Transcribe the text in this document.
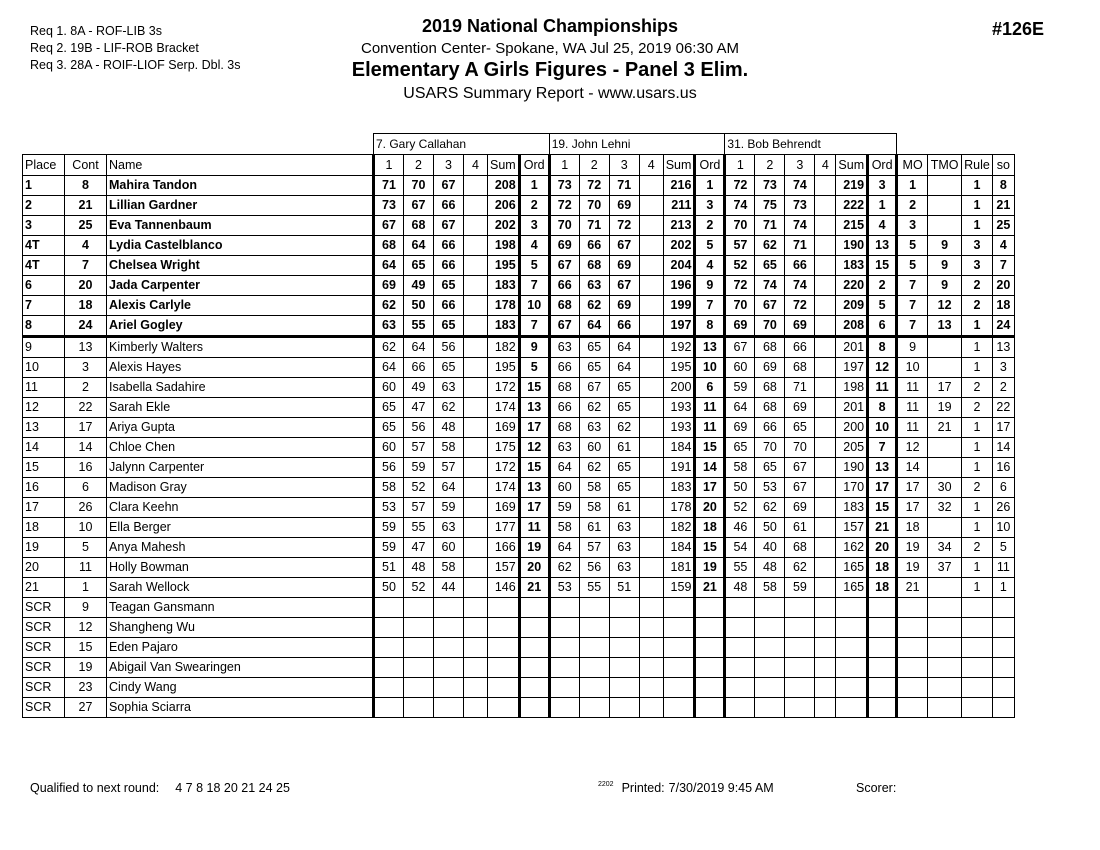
Req 1. 8A - ROF-LIB 3s
Req 2. 19B - LIF-ROB Bracket
Req 3. 28A - ROIF-LIOF Serp. Dbl. 3s
2019 National Championships
Convention Center- Spokane, WA Jul 25, 2019 06:30 AM
Elementary A Girls Figures - Panel 3 Elim.
USARS Summary Report - www.usars.us
#126E
			7. Gary Callahan						19. John Lehni						31. Bob Behrendt									
Place	Cont	Name	1	2	3	4	Sum	Ord	1	2	3	4	Sum	Ord	1	2	3	4	Sum	Ord	MO	TMO	Rule	so
1	8	Mahira Tandon	71	70	67		208	1	73	72	71		216	1	72	73	74		219	3	1		1	8
2	21	Lillian Gardner	73	67	66		206	2	72	70	69		211	3	74	75	73		222	1	2		1	21
3	25	Eva Tannenbaum	67	68	67		202	3	70	71	72		213	2	70	71	74		215	4	3		1	25
4T	4	Lydia Castelblanco	68	64	66		198	4	69	66	67		202	5	57	62	71		190	13	5	9	3	4
4T	7	Chelsea Wright	64	65	66		195	5	67	68	69		204	4	52	65	66		183	15	5	9	3	7
6	20	Jada Carpenter	69	49	65		183	7	66	63	67		196	9	72	74	74		220	2	7	9	2	20
7	18	Alexis Carlyle	62	50	66		178	10	68	62	69		199	7	70	67	72		209	5	7	12	2	18
8	24	Ariel Gogley	63	55	65		183	7	67	64	66		197	8	69	70	69		208	6	7	13	1	24
9	13	Kimberly Walters	62	64	56		182	9	63	65	64		192	13	67	68	66		201	8	9		1	13
10	3	Alexis Hayes	64	66	65		195	5	66	65	64		195	10	60	69	68		197	12	10		1	3
11	2	Isabella Sadahire	60	49	63		172	15	68	67	65		200	6	59	68	71		198	11	11	17	2	2
12	22	Sarah Ekle	65	47	62		174	13	66	62	65		193	11	64	68	69		201	8	11	19	2	22
13	17	Ariya Gupta	65	56	48		169	17	68	63	62		193	11	69	66	65		200	10	11	21	1	17
14	14	Chloe Chen	60	57	58		175	12	63	60	61		184	15	65	70	70		205	7	12		1	14
15	16	Jalynn Carpenter	56	59	57		172	15	64	62	65		191	14	58	65	67		190	13	14		1	16
16	6	Madison Gray	58	52	64		174	13	60	58	65		183	17	50	53	67		170	17	17	30	2	6
17	26	Clara Keehn	53	57	59		169	17	59	58	61		178	20	52	62	69		183	15	17	32	1	26
18	10	Ella Berger	59	55	63		177	11	58	61	63		182	18	46	50	61		157	21	18		1	10
19	5	Anya Mahesh	59	47	60		166	19	64	57	63		184	15	54	40	68		162	20	19	34	2	5
20	11	Holly Bowman	51	48	58		157	20	62	56	63		181	19	55	48	62		165	18	19	37	1	11
21	1	Sarah Wellock	50	52	44		146	21	53	55	51		159	21	48	58	59		165	18	21		1	1
SCR	9	Teagan Gansmann																						
SCR	12	Shangheng Wu																						
SCR	15	Eden Pajaro																						
SCR	19	Abigail Van Swearingen																						
SCR	23	Cindy Wang																						
SCR	27	Sophia Sciarra																						
Qualified to next round: 4 7 8 18 20 21 24 25	$^{2202}$ Printed: 7/30/2019 9:45 AM	Scorer:
